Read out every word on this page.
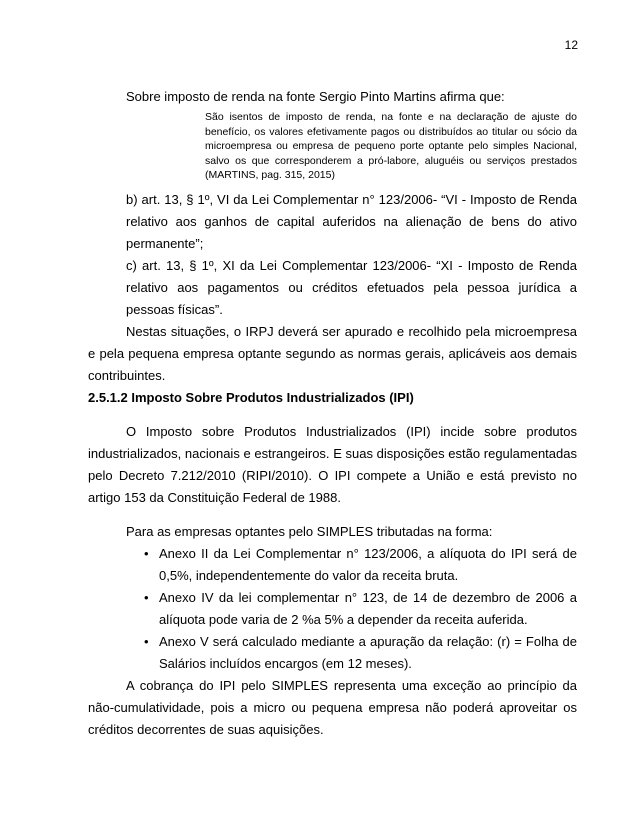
12

Sobre imposto de renda na fonte Sergio Pinto Martins afirma que:

São isentos de imposto de renda, na fonte e na declaração de ajuste do benefício, os valores efetivamente pagos ou distribuídos ao titular ou sócio da microempresa ou empresa de pequeno porte optante pelo simples Nacional, salvo os que corresponderem a pró-labore, aluguéis ou serviços prestados (MARTINS, pag. 315, 2015)

b) art. 13, § 1º, VI da Lei Complementar n° 123/2006- “VI - Imposto de Renda relativo aos ganhos de capital auferidos na alienação de bens do ativo permanente”;

c) art. 13, § 1º, XI da Lei Complementar 123/2006- “XI - Imposto de Renda relativo aos pagamentos ou créditos efetuados pela pessoa jurídica a pessoas físicas”.

Nestas situações, o IRPJ deverá ser apurado e recolhido pela microempresa e pela pequena empresa optante segundo as normas gerais, aplicáveis aos demais contribuintes.

2.5.1.2 Imposto Sobre Produtos Industrializados (IPI)

O Imposto sobre Produtos Industrializados (IPI) incide sobre produtos industrializados, nacionais e estrangeiros. E suas disposições estão regulamentadas pelo Decreto 7.212/2010 (RIPI/2010). O IPI compete a União e está previsto no artigo 153 da Constituição Federal de 1988.

Para as empresas optantes pelo SIMPLES tributadas na forma:

• Anexo II da Lei Complementar n° 123/2006, a alíquota do IPI será de 0,5%, independentemente do valor da receita bruta.
• Anexo IV da lei complementar n° 123, de 14 de dezembro de 2006 a alíquota pode varia de 2 %a 5% a depender da receita auferida.
• Anexo V será calculado mediante a apuração da relação: (r) = Folha de Salários incluídos encargos (em 12 meses).

A cobrança do IPI pelo SIMPLES representa uma exceção ao princípio da não-cumulatividade, pois a micro ou pequena empresa não poderá aproveitar os créditos decorrentes de suas aquisições.
